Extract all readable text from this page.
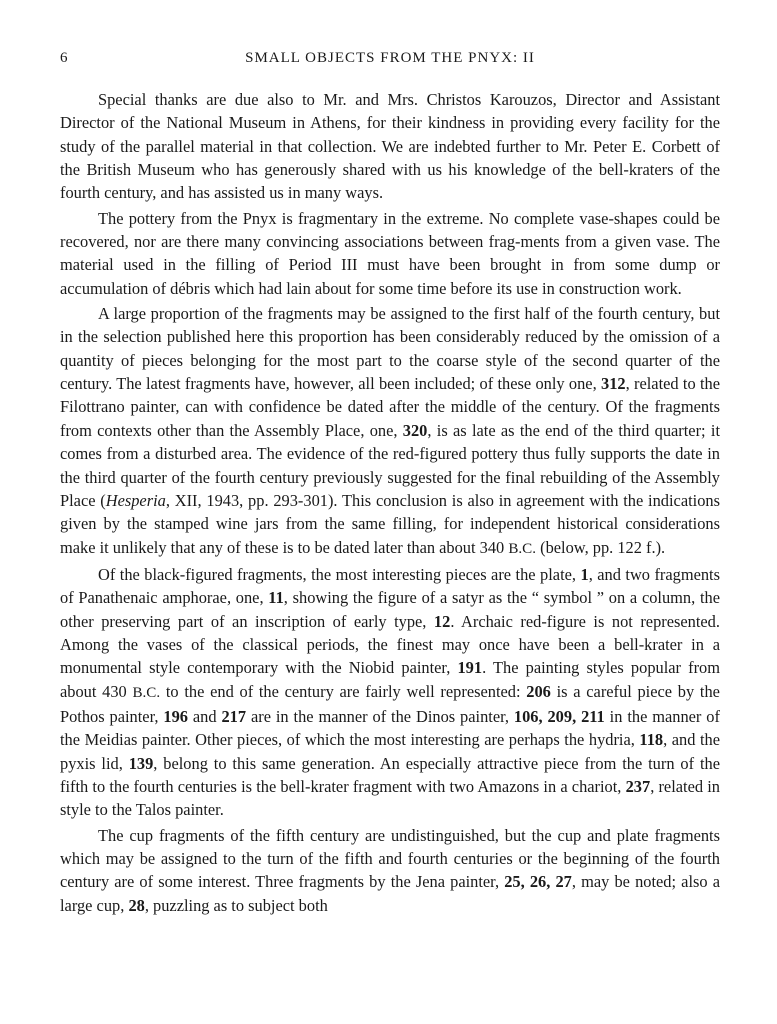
6	SMALL OBJECTS FROM THE PNYX: II

Special thanks are due also to Mr. and Mrs. Christos Karouzos, Director and Assistant Director of the National Museum in Athens, for their kindness in providing every facility for the study of the parallel material in that collection. We are indebted further to Mr. Peter E. Corbett of the British Museum who has generously shared with us his knowledge of the bell-kraters of the fourth century, and has assisted us in many ways.

The pottery from the Pnyx is fragmentary in the extreme. No complete vase-shapes could be recovered, nor are there many convincing associations between frag-ments from a given vase. The material used in the filling of Period III must have been brought in from some dump or accumulation of débris which had lain about for some time before its use in construction work.

A large proportion of the fragments may be assigned to the first half of the fourth century, but in the selection published here this proportion has been considerably reduced by the omission of a quantity of pieces belonging for the most part to the coarse style of the second quarter of the century. The latest fragments have, however, all been included; of these only one, 312, related to the Filottrano painter, can with confidence be dated after the middle of the century. Of the fragments from contexts other than the Assembly Place, one, 320, is as late as the end of the third quarter; it comes from a disturbed area. The evidence of the red-figured pottery thus fully supports the date in the third quarter of the fourth century previously suggested for the final rebuilding of the Assembly Place (Hesperia, XII, 1943, pp. 293-301). This conclusion is also in agreement with the indications given by the stamped wine jars from the same filling, for independent historical considerations make it unlikely that any of these is to be dated later than about 340 B.C. (below, pp. 122 f.).

Of the black-figured fragments, the most interesting pieces are the plate, 1, and two fragments of Panathenaic amphorae, one, 11, showing the figure of a satyr as the “ symbol ” on a column, the other preserving part of an inscription of early type, 12. Archaic red-figure is not represented. Among the vases of the classical periods, the finest may once have been a bell-krater in a monumental style contemporary with the Niobid painter, 191. The painting styles popular from about 430 B.C. to the end of the century are fairly well represented: 206 is a careful piece by the Pothos painter, 196 and 217 are in the manner of the Dinos painter, 106, 209, 211 in the manner of the Meidias painter. Other pieces, of which the most interesting are perhaps the hydria, 118, and the pyxis lid, 139, belong to this same generation. An especially attractive piece from the turn of the fifth to the fourth centuries is the bell-krater fragment with two Amazons in a chariot, 237, related in style to the Talos painter.

The cup fragments of the fifth century are undistinguished, but the cup and plate fragments which may be assigned to the turn of the fifth and fourth centuries or the beginning of the fourth century are of some interest. Three fragments by the Jena painter, 25, 26, 27, may be noted; also a large cup, 28, puzzling as to subject both
